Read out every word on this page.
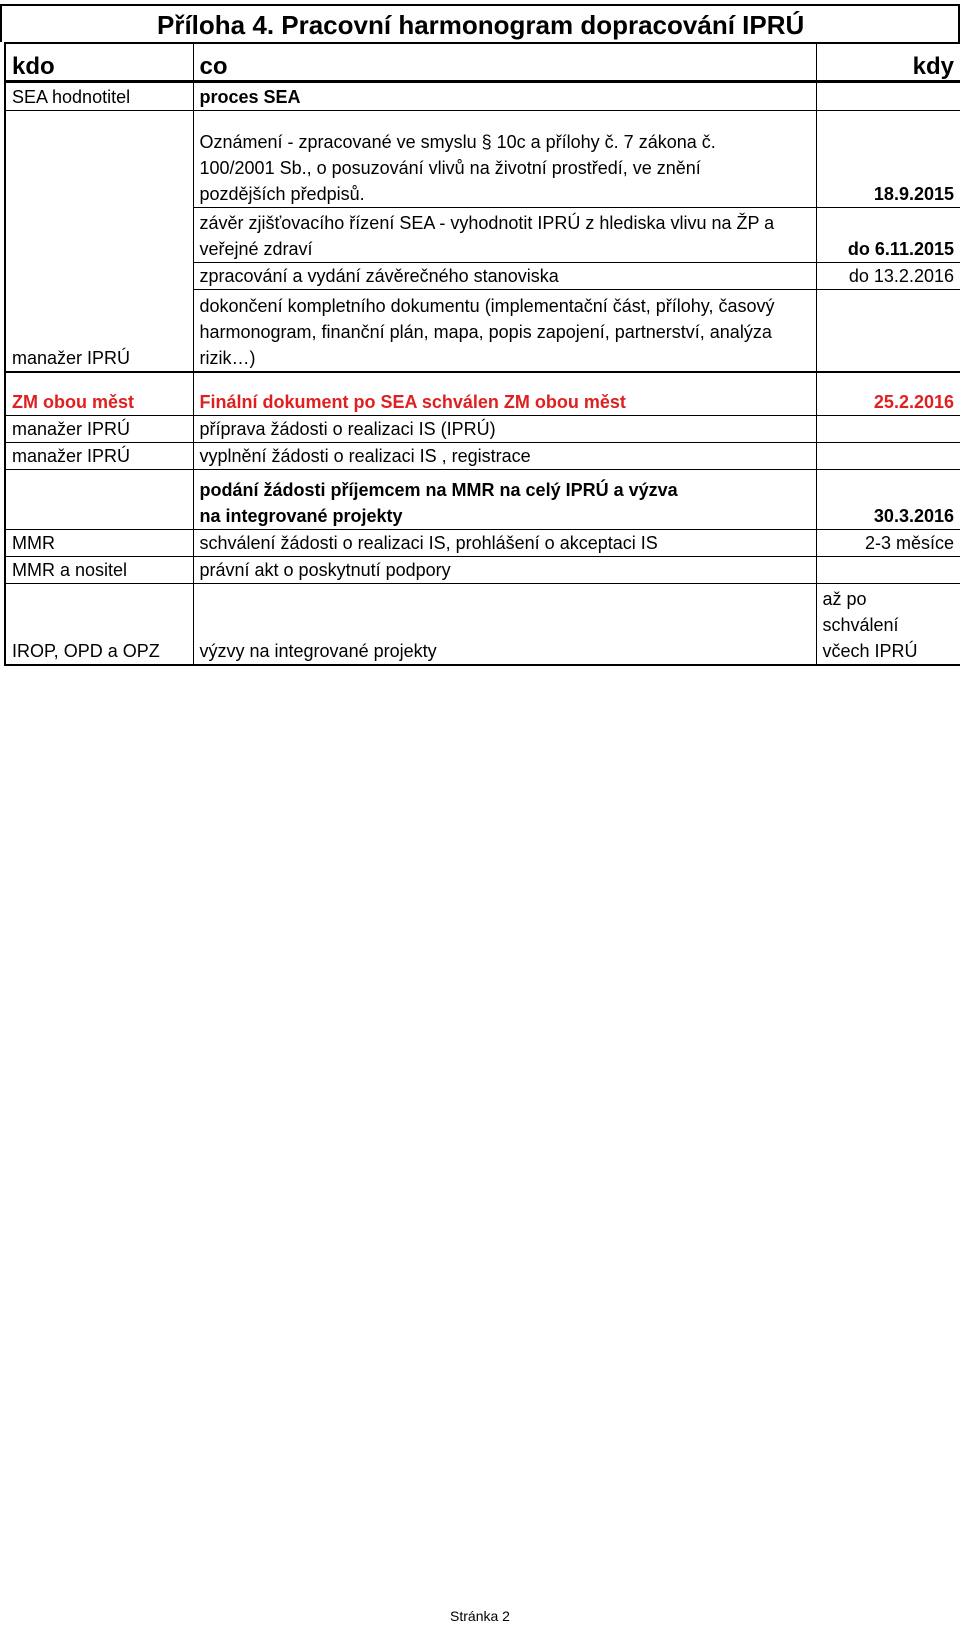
Příloha 4. Pracovní harmonogram dopracování IPRÚ
kdo	co	kdy
SEA hodnotitel	proces SEA	
	Oznámení - zpracované ve smyslu § 10c a přílohy č. 7 zákona č. 100/2001 Sb., o posuzování vlivů na životní prostředí, ve znění pozdějších předpisů.	18.9.2015
	závěr zjišťovacího řízení SEA - vyhodnotit IPRÚ z hlediska vlivu na ŽP a veřejné zdraví	do 6.11.2015
	zpracování a vydání závěrečného stanoviska	do 13.2.2016
manažer IPRÚ	dokončení kompletního dokumentu (implementační část, přílohy, časový harmonogram, finanční plán, mapa, popis zapojení, partnerství, analýza rizik…)	
ZM obou měst	Finální dokument po SEA schválen ZM obou měst	25.2.2016
manažer IPRÚ	příprava žádosti o realizaci IS (IPRÚ)	
manažer IPRÚ	vyplnění žádosti o realizaci IS , registrace	
	podání žádosti příjemcem na MMR na celý IPRÚ a výzva na integrované projekty	30.3.2016
MMR	schválení žádosti o realizaci IS, prohlášení o akceptaci IS	2-3 měsíce
MMR a nositel	právní akt o poskytnutí podpory	
IROP, OPD a OPZ	výzvy na integrované projekty	až po schválení včech IPRÚ
Stránka 2
